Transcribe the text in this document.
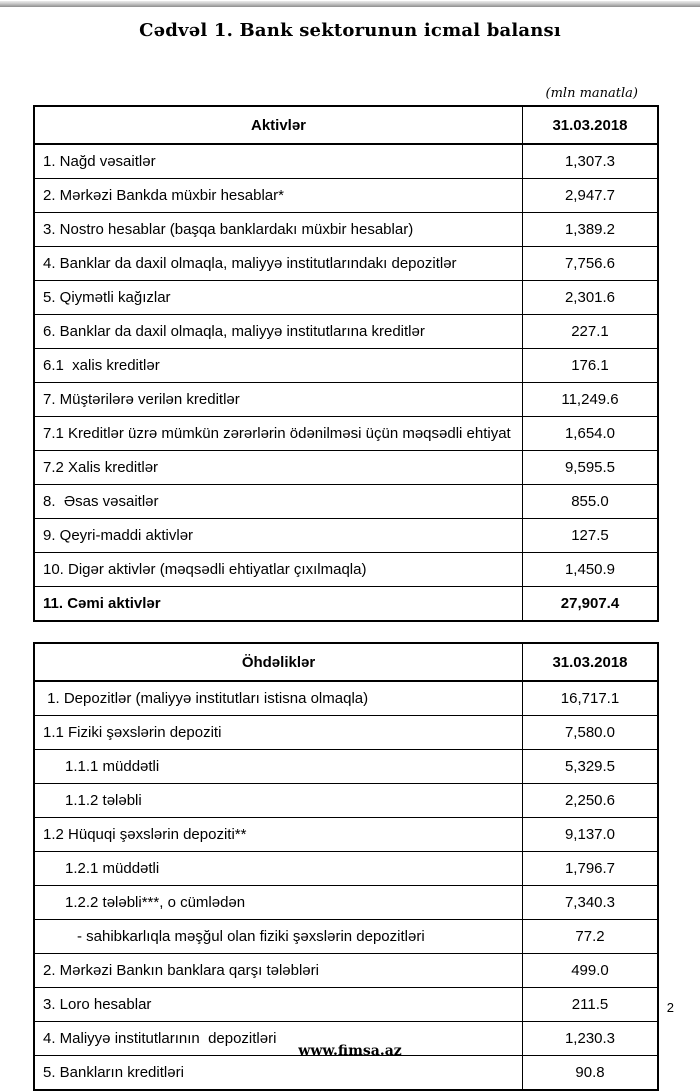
Cədvəl 1. Bank sektorunun icmal balansı
(mln manatla)
Aktivlər	31.03.2018
1. Nağd vəsaitlər	1,307.3
2. Mərkəzi Bankda müxbir hesablar*	2,947.7
3. Nostro hesablar (başqa banklardakı müxbir hesablar)	1,389.2
4. Banklar da daxil olmaqla, maliyyə institutlarındakı depozitlər	7,756.6
5. Qiymətli kağızlar	2,301.6
6. Banklar da daxil olmaqla, maliyyə institutlarına kreditlər	227.1
6.1  xalis kreditlər	176.1
7. Müştərilərə verilən kreditlər	11,249.6
7.1 Kreditlər üzrə mümkün zərərlərin ödənilməsi üçün məqsədli ehtiyat	1,654.0
7.2 Xalis kreditlər	9,595.5
8.  Əsas vəsaitlər	855.0
9. Qeyri-maddi aktivlər	127.5
10. Digər aktivlər (məqsədli ehtiyatlar çıxılmaqla)	1,450.9
11. Cəmi aktivlər	27,907.4
Öhdəliklər	31.03.2018
1. Depozitlər (maliyyə institutları istisna olmaqla)	16,717.1
1.1 Fiziki şəxslərin depoziti	7,580.0
1.1.1 müddətli	5,329.5
1.1.2 tələbli	2,250.6
1.2 Hüquqi şəxslərin depoziti**	9,137.0
1.2.1 müddətli	1,796.7
1.2.2 tələbli***, o cümlədən	7,340.3
- sahibkarlıqla məşğul olan fiziki şəxslərin depozitləri	77.2
2. Mərkəzi Bankın banklara qarşı tələbləri	499.0
3. Loro hesablar	211.5
4. Maliyyə institutlarının  depozitləri	1,230.3
5. Bankların kreditləri	90.8
2
www.fimsa.az
